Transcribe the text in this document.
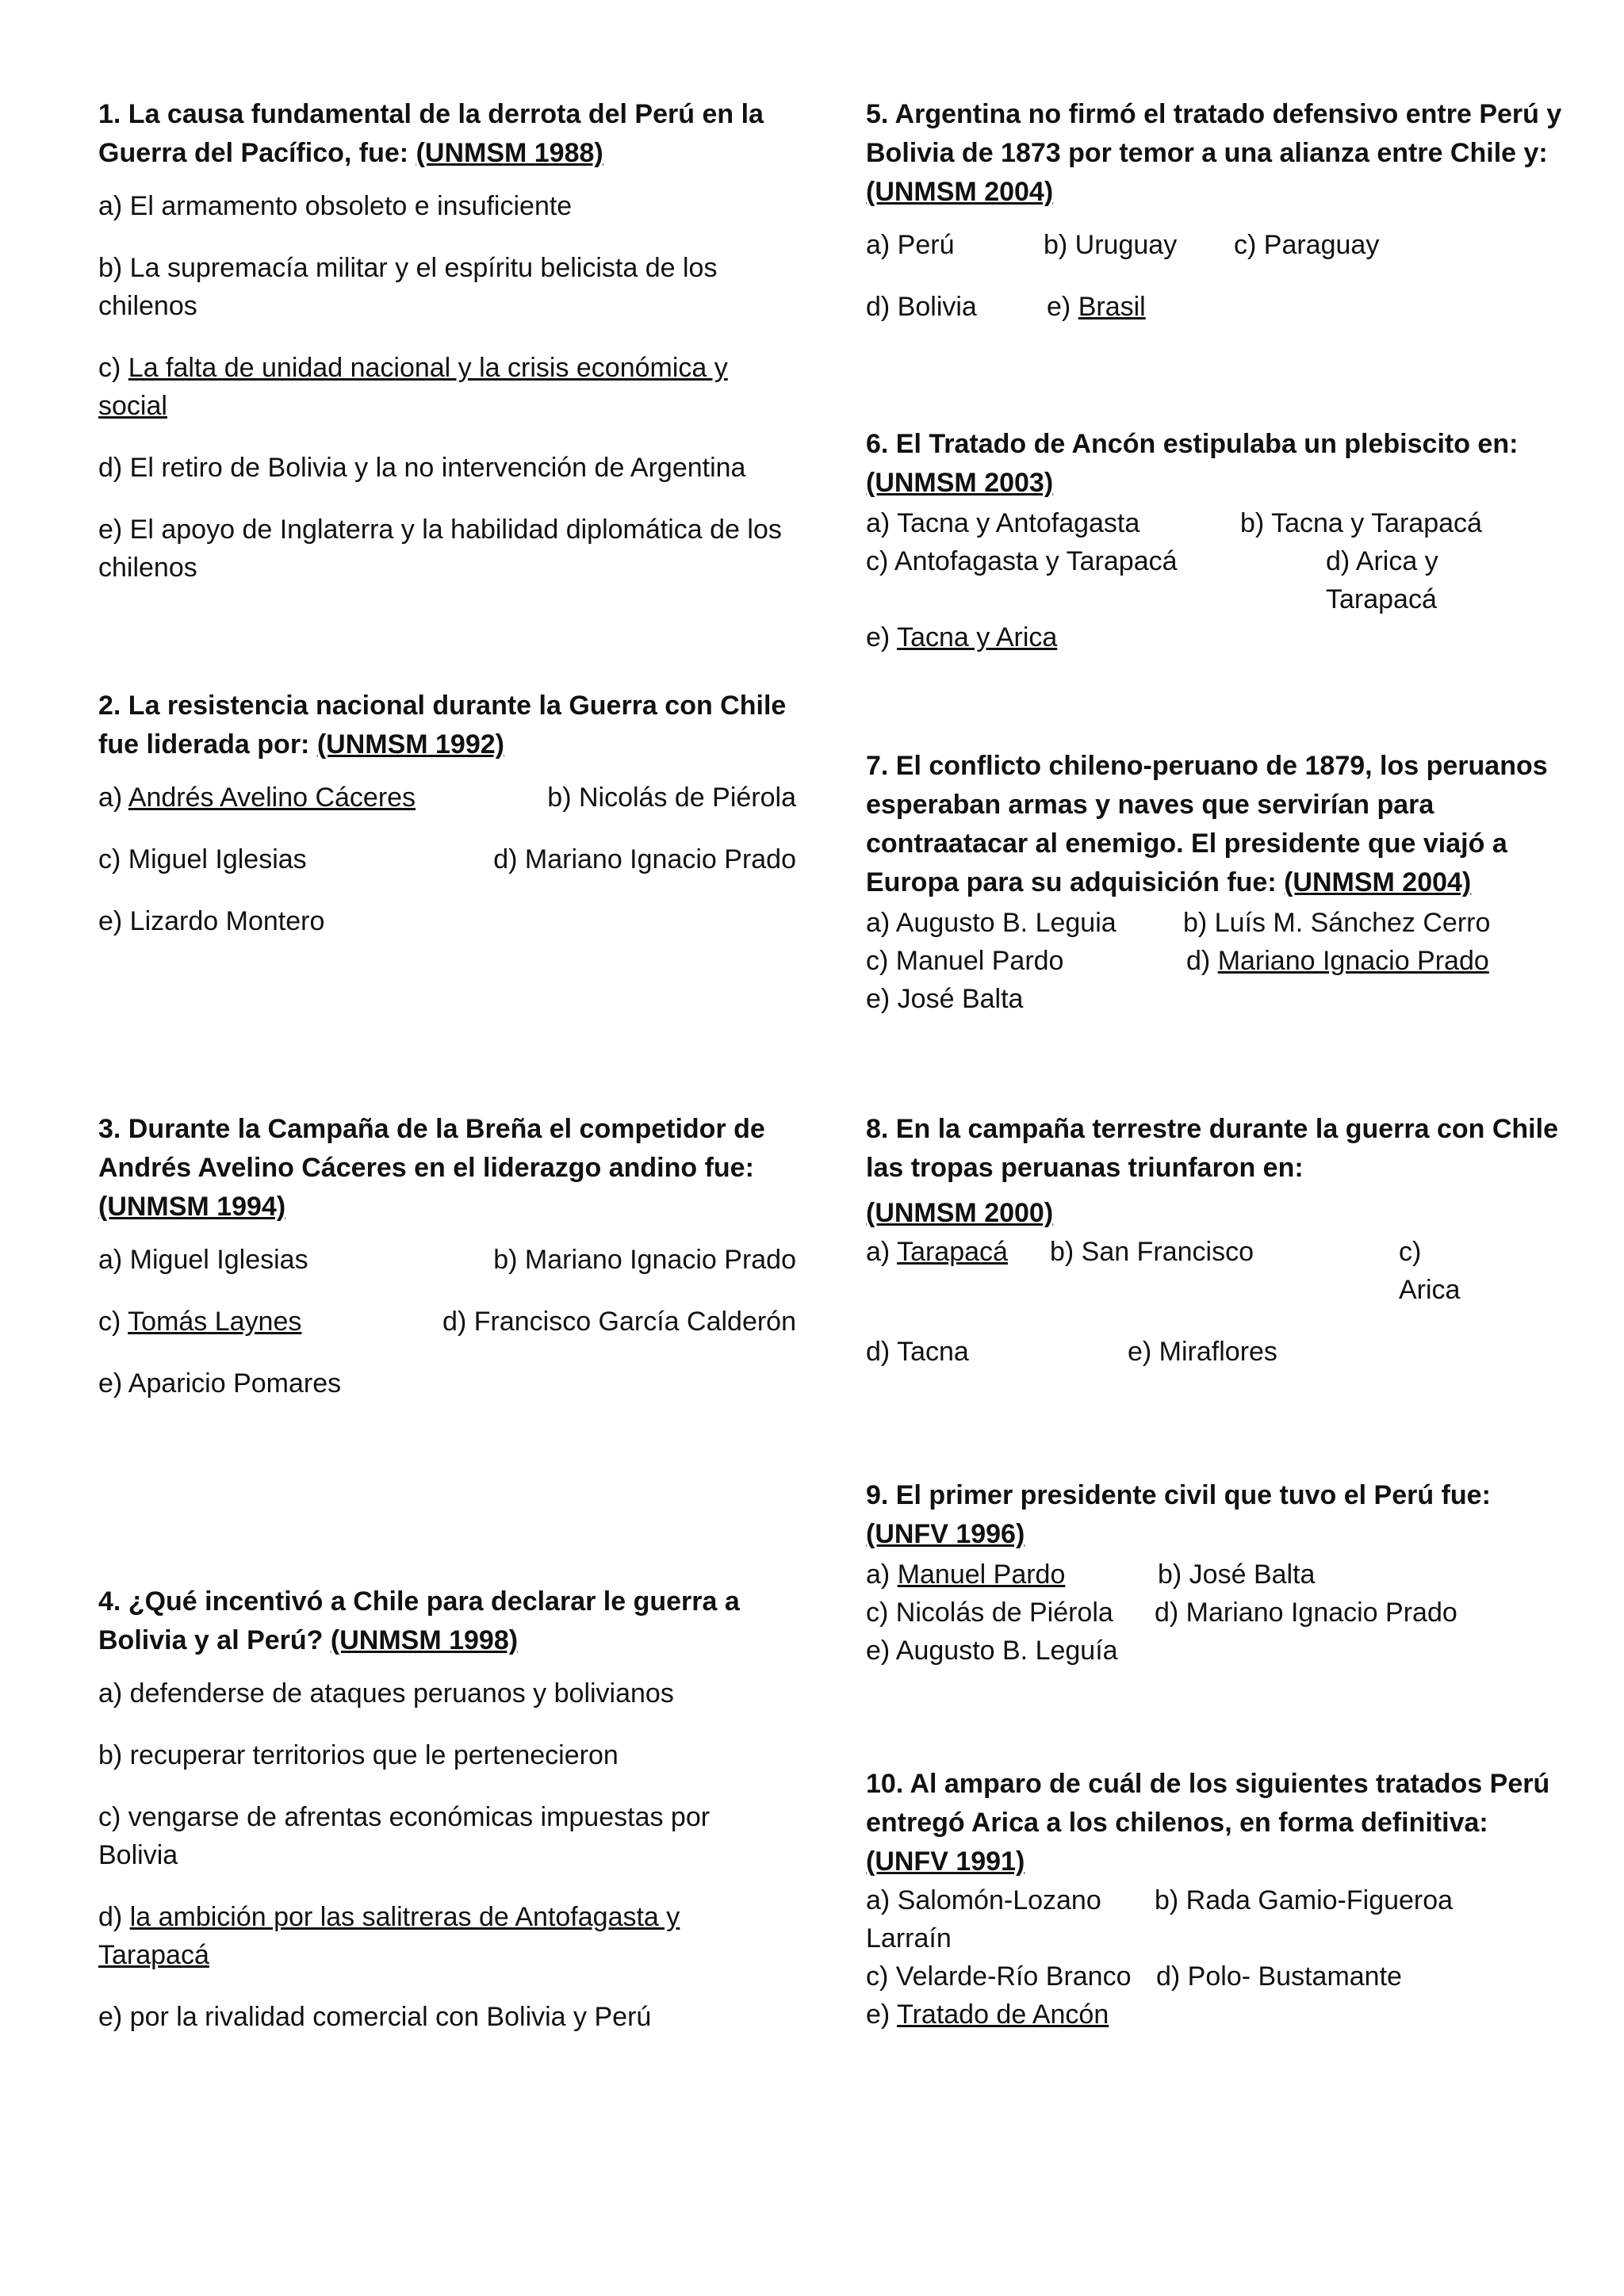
1. La causa fundamental de la derrota del Perú en la Guerra del Pacífico, fue: (UNMSM 1988)

a) El armamento obsoleto e insuficiente

b) La supremacía militar y el espíritu belicista de los chilenos

c) La falta de unidad nacional y la crisis económica y social

d) El retiro de Bolivia y la no intervención de Argentina

e) El apoyo de Inglaterra y la habilidad diplomática de los chilenos

2. La resistencia nacional durante la Guerra con Chile fue liderada por: (UNMSM 1992)

a) Andrés Avelino Cáceres	b) Nicolás de Piérola
c) Miguel Iglesias	d) Mariano Ignacio Prado

e) Lizardo Montero

3. Durante la Campaña de la Breña el competidor de Andrés Avelino Cáceres en el liderazgo andino fue: (UNMSM 1994)

a) Miguel Iglesias	b) Mariano Ignacio Prado
c) Tomás Laynes	d) Francisco García Calderón

e) Aparicio Pomares

4. ¿Qué incentivó a Chile para declarar le guerra a Bolivia y al Perú? (UNMSM 1998)

a) defenderse de ataques peruanos y bolivianos

b) recuperar territorios que le pertenecieron

c) vengarse de afrentas económicas impuestas por Bolivia

d) la ambición por las salitreras de Antofagasta y Tarapacá

e) por la rivalidad comercial con Bolivia y Perú

5. Argentina no firmó el tratado defensivo entre Perú y Bolivia de 1873 por temor a una alianza entre Chile y: (UNMSM 2004)

a) Perú	b) Uruguay	c) Paraguay
d) Bolivia	e) Brasil

6. El Tratado de Ancón estipulaba un plebiscito en: (UNMSM 2003)

a) Tacna y Antofagasta	b) Tacna y Tarapacá
c) Antofagasta y Tarapacá	d) Arica y Tarapacá

e) Tacna y Arica

7. El conflicto chileno-peruano de 1879, los peruanos esperaban armas y naves que servirían para contraatacar al enemigo. El presidente que viajó a Europa para su adquisición fue: (UNMSM 2004)

a) Augusto B. Leguia	b) Luís M. Sánchez Cerro
c) Manuel Pardo	d) Mariano Ignacio Prado

e) José Balta

8. En la campaña terrestre durante la guerra con Chile las tropas peruanas triunfaron en:

(UNMSM 2000)

a) Tarapacá	b) San Francisco	c) Arica
d) Tacna	e) Miraflores

9. El primer presidente civil que tuvo el Perú fue: (UNFV 1996)

a) Manuel Pardo	b) José Balta
c) Nicolás de Piérola	d) Mariano Ignacio Prado

e) Augusto B. Leguía

10. Al amparo de cuál de los siguientes tratados Perú entregó Arica a los chilenos, en forma definitiva: (UNFV 1991)

a) Salomón-Lozano Larraín
b) Rada Gamio-Figueroa
c) Velarde-Río Branco d) Polo- Bustamante

e) Tratado de Ancón
